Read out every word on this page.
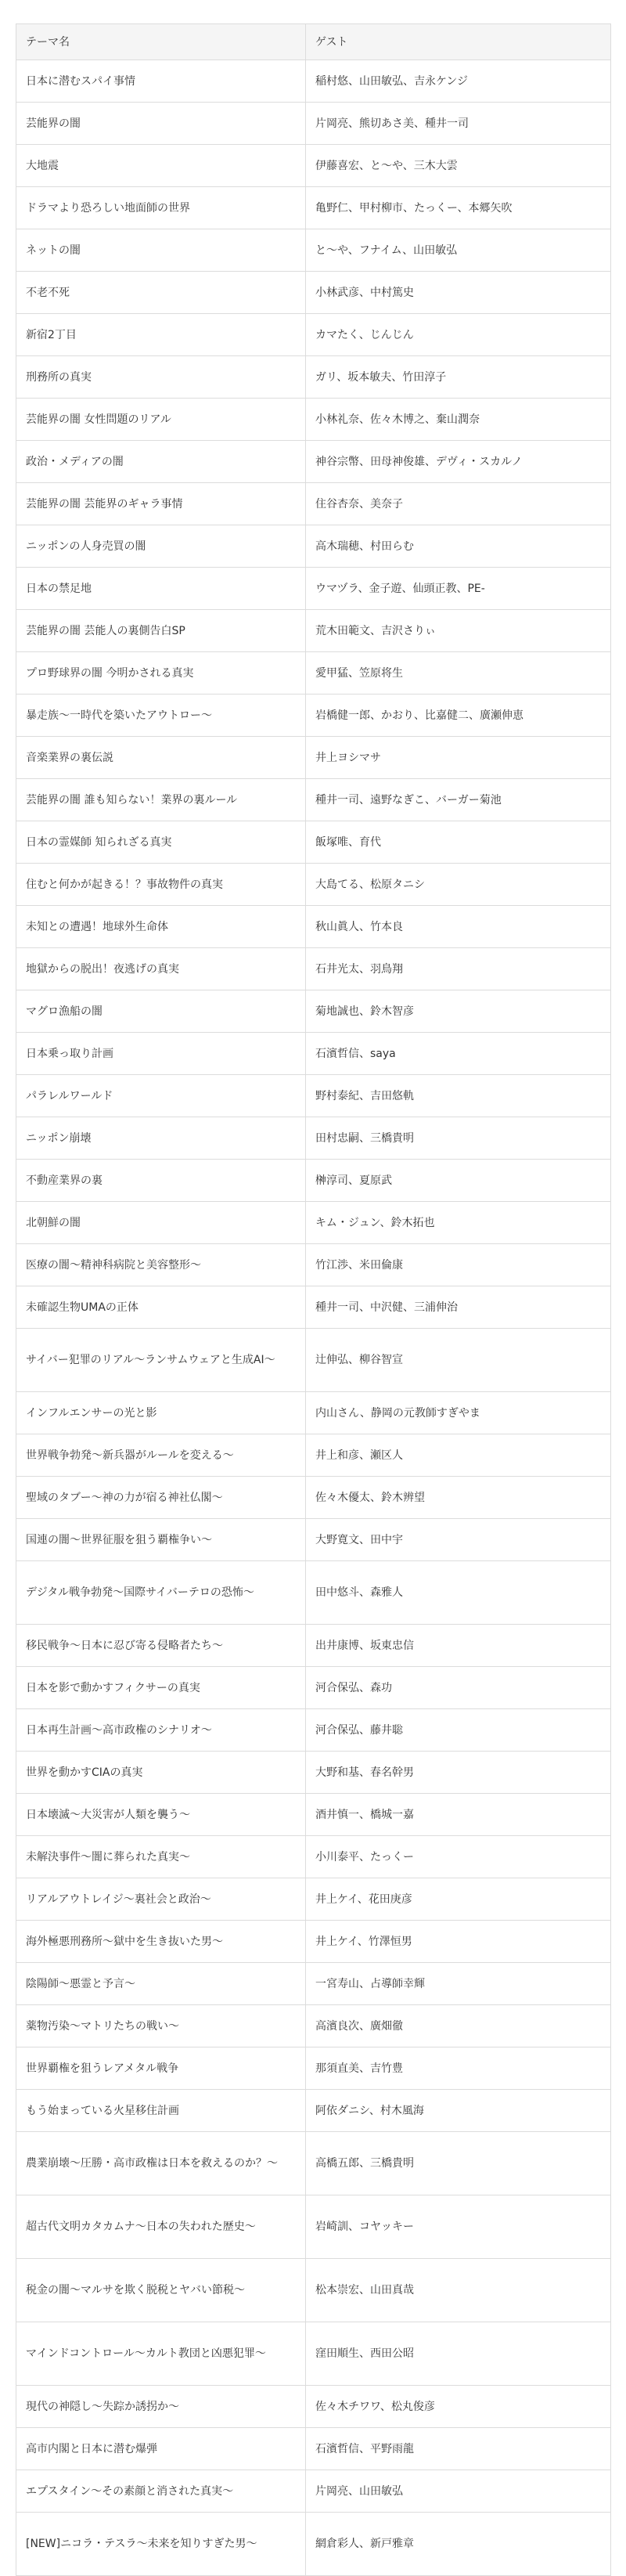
テーマ名	ゲスト
日本に潜むスパイ事情	稲村悠、山田敏弘、吉永ケンジ
芸能界の闇	片岡亮、熊切あさ美、種井一司
大地震	伊藤喜宏、と〜や、三木大雲
ドラマより恐ろしい地面師の世界	亀野仁、甲村柳市、たっくー、本郷矢吹
ネットの闇	と〜や、フナイム、山田敏弘
不老不死	小林武彦、中村篤史
新宿2丁目	カマたく、じんじん
刑務所の真実	ガリ、坂本敏夫、竹田淳子
芸能界の闇 女性問題のリアル	小林礼奈、佐々木博之、棄山潤奈
政治・メディアの闇	神谷宗幣、田母神俊雄、デヴィ・スカルノ
芸能界の闇 芸能界のギャラ事情	住谷杏奈、美奈子
ニッポンの人身売買の闇	高木瑞穂、村田らむ
日本の禁足地	ウマヅラ、金子遊、仙頭正教、PE-
芸能界の闇 芸能人の裏側告白SP	荒木田範文、吉沢さりぃ
プロ野球界の闇 今明かされる真実	愛甲猛、笠原将生
暴走族〜一時代を築いたアウトロー〜	岩橋健一郎、かおり、比嘉健二、廣瀬伸恵
音楽業界の裏伝説	井上ヨシマサ
芸能界の闇 誰も知らない！業界の裏ルール	種井一司、遠野なぎこ、バーガー菊池
日本の霊媒師 知られざる真実	飯塚唯、育代
住むと何かが起きる！？事故物件の真実	大島てる、松原タニシ
未知との遭遇！地球外生命体	秋山眞人、竹本良
地獄からの脱出！夜逃げの真実	石井光太、羽鳥翔
マグロ漁船の闇	菊地誠也、鈴木智彦
日本乗っ取り計画	石濱哲信、saya
パラレルワールド	野村泰紀、吉田悠軌
ニッポン崩壊	田村忠嗣、三橋貴明
不動産業界の裏	榊淳司、夏原武
北朝鮮の闇	キム・ジュン、鈴木拓也
医療の闇〜精神科病院と美容整形〜	竹江渉、米田倫康
未確認生物UMAの正体	種井一司、中沢健、三浦伸治
サイバー犯罪のリアル〜ランサムウェアと生成AI〜	辻伸弘、柳谷智宣
インフルエンサーの光と影	内山さん、静岡の元教師すぎやま
世界戦争勃発〜新兵器がルールを変える〜	井上和彦、瀬区人
聖域のタブー〜神の力が宿る神社仏閣〜	佐々木優太、鈴木辨望
国連の闇〜世界征服を狙う覇権争い〜	大野寛文、田中宇
デジタル戦争勃発〜国際サイバーテロの恐怖〜	田中悠斗、森雅人
移民戦争〜日本に忍び寄る侵略者たち〜	出井康博、坂東忠信
日本を影で動かすフィクサーの真実	河合保弘、森功
日本再生計画〜高市政権のシナリオ〜	河合保弘、藤井聡
世界を動かすCIAの真実	大野和基、春名幹男
日本壊滅〜大災害が人類を襲う〜	酒井慎一、橋城一嘉
未解決事件〜闇に葬られた真実〜	小川泰平、たっくー
リアルアウトレイジ〜裏社会と政治〜	井上ケイ、花田庚彦
海外極悪刑務所〜獄中を生き抜いた男〜	井上ケイ、竹澤恒男
陰陽師〜悪霊と予言〜	一宮寿山、占導師幸輝
薬物汚染〜マトリたちの戦い〜	高濱良次、廣畑徹
世界覇権を狙うレアメタル戦争	那須直美、吉竹豊
もう始まっている火星移住計画	阿依ダニシ、村木風海
農業崩壊〜圧勝・高市政権は日本を救えるのか？〜	高橋五郎、三橋貴明
超古代文明カタカムナ〜日本の失われた歴史〜	岩崎訓、コヤッキー
税金の闇〜マルサを欺く脱税とヤバい節税〜	松本崇宏、山田真哉
マインドコントロール〜カルト教団と凶悪犯罪〜	窪田順生、西田公昭
現代の神隠し〜失踪か誘拐か〜	佐々木チワワ、松丸俊彦
高市内閣と日本に潜む爆弾	石濱哲信、平野雨龍
エプスタイン〜その素顔と消された真実〜	片岡亮、山田敏弘
[NEW]ニコラ・テスラ〜未来を知りすぎた男〜	網倉彩人、新戸雅章
